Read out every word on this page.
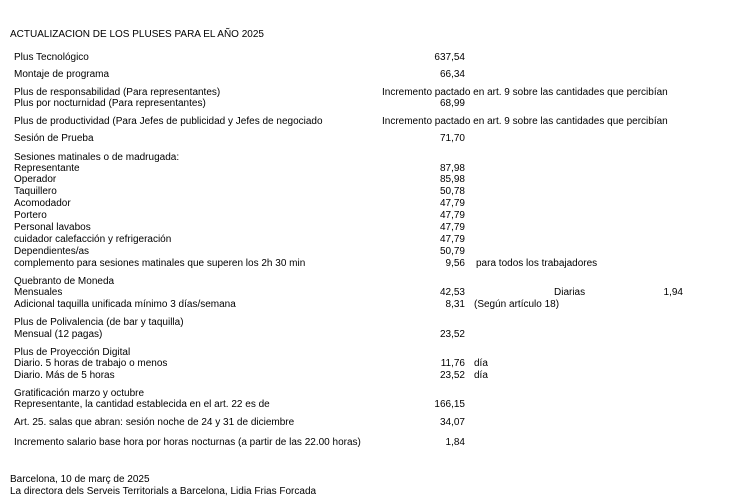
ACTUALIZACION DE LOS PLUSES PARA EL AÑO 2025
Plus Tecnológico	637,54
Montaje de programa	66,34
Plus de responsabilidad (Para representantes)	Incremento pactado en art. 9 sobre las cantidades que percibían
Plus por nocturnidad (Para representantes)	68,99
Plus de productividad (Para Jefes de publicidad y Jefes de negociado	Incremento pactado en art. 9 sobre las cantidades que percibían
Sesión de Prueba	71,70
Sesiones matinales o de madrugada:
Representante	87,98
Operador	85,98
Taquillero	50,78
Acomodador	47,79
Portero	47,79
Personal lavabos	47,79
cuidador calefacción y refrigeración	47,79
Dependientes/as	50,79
complemento para sesiones matinales que superen los 2h 30 min	9,56 para todos los trabajadores
Quebranto de Moneda
Mensuales	42,53	Diarias	1,94
Adicional taquilla unificada mínimo 3 días/semana	8,31 (Según artículo 18)
Plus de Polivalencia (de bar y taquilla)
Mensual (12 pagas)	23,52
Plus de Proyección Digital
Diario. 5 horas de trabajo o menos	11,76 día
Diario. Más de 5 horas	23,52 día
Gratificación marzo y octubre
Representante, la cantidad establecida en el art. 22 es de	166,15
Art. 25. salas que abran: sesión noche de 24 y 31 de diciembre	34,07
Incremento salario base hora por horas nocturnas (a partir de las 22.00 horas)	1,84
Barcelona, 10 de març de 2025
La directora dels Serveis Territorials a Barcelona, Lidia Frias Forcada
